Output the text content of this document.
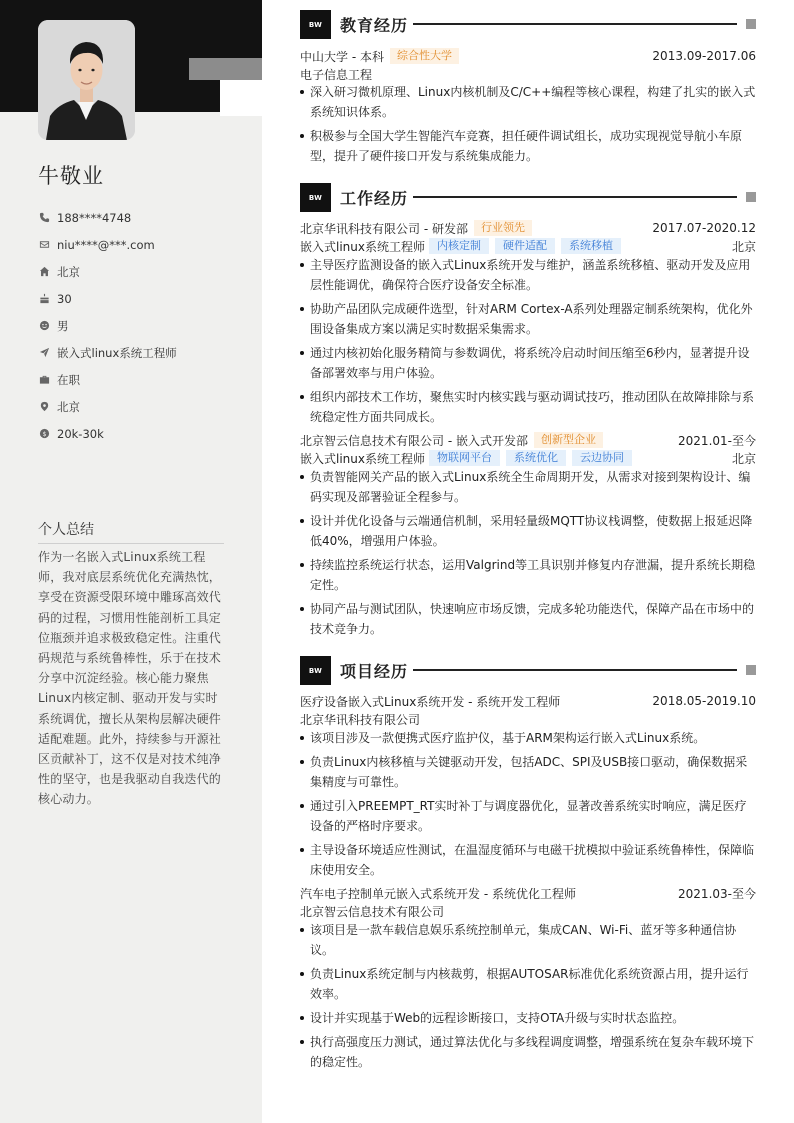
牛敬业
188****4748
niu****@***.com
北京
30
男
嵌入式linux系统工程师
在职
北京
$ 20k-30k
个人总结
作为一名嵌入式Linux系统工程师，我对底层系统优化充满热忱，享受在资源受限环境中雕琢高效代码的过程，习惯用性能剖析工具定位瓶颈并追求极致稳定性。注重代码规范与系统鲁棒性，乐于在技术分享中沉淀经验。核心能力聚焦Linux内核定制、驱动开发与实时系统调优，擅长从架构层解决硬件适配难题。此外，持续参与开源社区贡献补丁，这不仅是对技术纯净性的坚守，也是我驱动自我迭代的核心动力。
BW	教育经历
中山大学 - 本科	综合性大学	2013.09-2017.06
电子信息工程
深入研习微机原理、Linux内核机制及C/C++编程等核心课程，构建了扎实的嵌入式系统知识体系。
积极参与全国大学生智能汽车竞赛，担任硬件调试组长，成功实现视觉导航小车原型，提升了硬件接口开发与系统集成能力。
BW	工作经历
北京华讯科技有限公司 - 研发部	行业领先	2017.07-2020.12
嵌入式linux系统工程师	内核定制	硬件适配	系统移植	北京
主导医疗监测设备的嵌入式Linux系统开发与维护，涵盖系统移植、驱动开发及应用层性能调优，确保符合医疗设备安全标准。
协助产品团队完成硬件选型，针对ARM Cortex-A系列处理器定制系统架构，优化外围设备集成方案以满足实时数据采集需求。
通过内核初始化服务精简与参数调优，将系统冷启动时间压缩至6秒内，显著提升设备部署效率与用户体验。
组织内部技术工作坊，聚焦实时内核实践与驱动调试技巧，推动团队在故障排除与系统稳定性方面共同成长。
北京智云信息技术有限公司 - 嵌入式开发部	创新型企业	2021.01-至今
嵌入式linux系统工程师	物联网平台	系统优化	云边协同	北京
负责智能网关产品的嵌入式Linux系统全生命周期开发，从需求对接到架构设计、编码实现及部署验证全程参与。
设计并优化设备与云端通信机制，采用轻量级MQTT协议栈调整，使数据上报延迟降低40%，增强用户体验。
持续监控系统运行状态，运用Valgrind等工具识别并修复内存泄漏，提升系统长期稳定性。
协同产品与测试团队，快速响应市场反馈，完成多轮功能迭代，保障产品在市场中的技术竞争力。
BW	项目经历
医疗设备嵌入式Linux系统开发 - 系统开发工程师	2018.05-2019.10
北京华讯科技有限公司
该项目涉及一款便携式医疗监护仪，基于ARM架构运行嵌入式Linux系统。
负责Linux内核移植与关键驱动开发，包括ADC、SPI及USB接口驱动，确保数据采集精度与可靠性。
通过引入PREEMPT_RT实时补丁与调度器优化，显著改善系统实时响应，满足医疗设备的严格时序要求。
主导设备环境适应性测试，在温湿度循环与电磁干扰模拟中验证系统鲁棒性，保障临床使用安全。
汽车电子控制单元嵌入式系统开发 - 系统优化工程师	2021.03-至今
北京智云信息技术有限公司
该项目是一款车载信息娱乐系统控制单元，集成CAN、Wi-Fi、蓝牙等多种通信协议。
负责Linux系统定制与内核裁剪，根据AUTOSAR标准优化系统资源占用，提升运行效率。
设计并实现基于Web的远程诊断接口，支持OTA升级与实时状态监控。
执行高强度压力测试，通过算法优化与多线程调度调整，增强系统在复杂车载环境下的稳定性。
